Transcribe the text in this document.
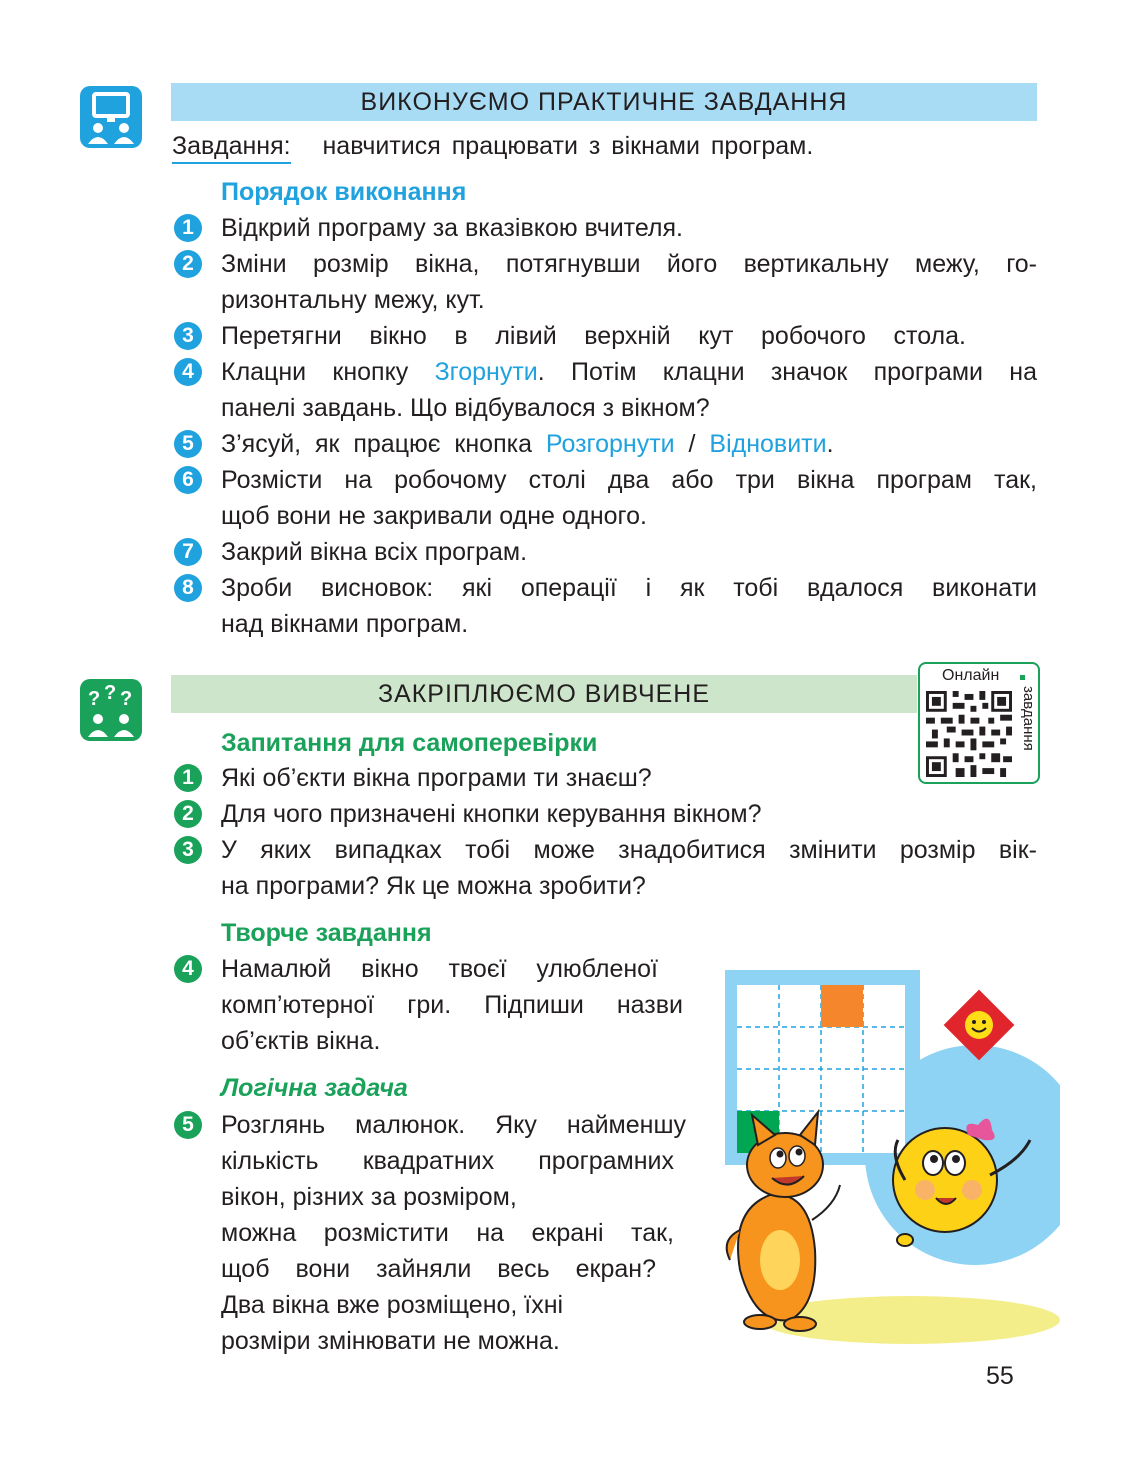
ВИКОНУЄМО ПРАКТИЧНЕ ЗАВДАННЯ
Завдання: навчитися працювати з вікнами програм.
Порядок виконання
1	Відкрий програму за вказівкою вчителя.
2	Зміни розмір вікна, потягнувши його вертикальну межу, го-
ризонтальну межу, кут.
3	Перетягни вікно в лівий верхній кут робочого стола.
4	Клацни кнопку Згорнути. Потім клацни значок програми на
панелі завдань. Що відбувалося з вікном?
5	З’ясуй,  як  працює  кнопка  Розгорнути  /  Відновити.
6	Розмісти на робочому столі два або три вікна програм так,
щоб вони не закривали одне одного.
7	Закрий вікна всіх програм.
8	Зроби висновок: які операції і як тобі вдалося виконати
над вікнами програм.
? ? ?	ЗАКРІПЛЮЄМО ВИВЧЕНЕ
Онлайн
завдання
Запитання для самоперевірки
1	Які об’єкти вікна програми ти знаєш?
2	Для чого призначені кнопки керування вікном?
3	У яких випадках тобі може знадобитися змінити розмір вік-
на програми? Як це можна зробити?
Творче завдання
4	Намалюй вікно твоєї улюбленої
комп’ютерної гри. Підпиши назви
об’єктів вікна.
Логічна задача
5	Розглянь малюнок. Яку найменшу
кількість квадратних програмних
вікон, різних за розміром,
можна розмістити на екрані так,
щоб вони зайняли весь екран?
Два вікна вже розміщено, їхні
розміри змінювати не можна.
55
